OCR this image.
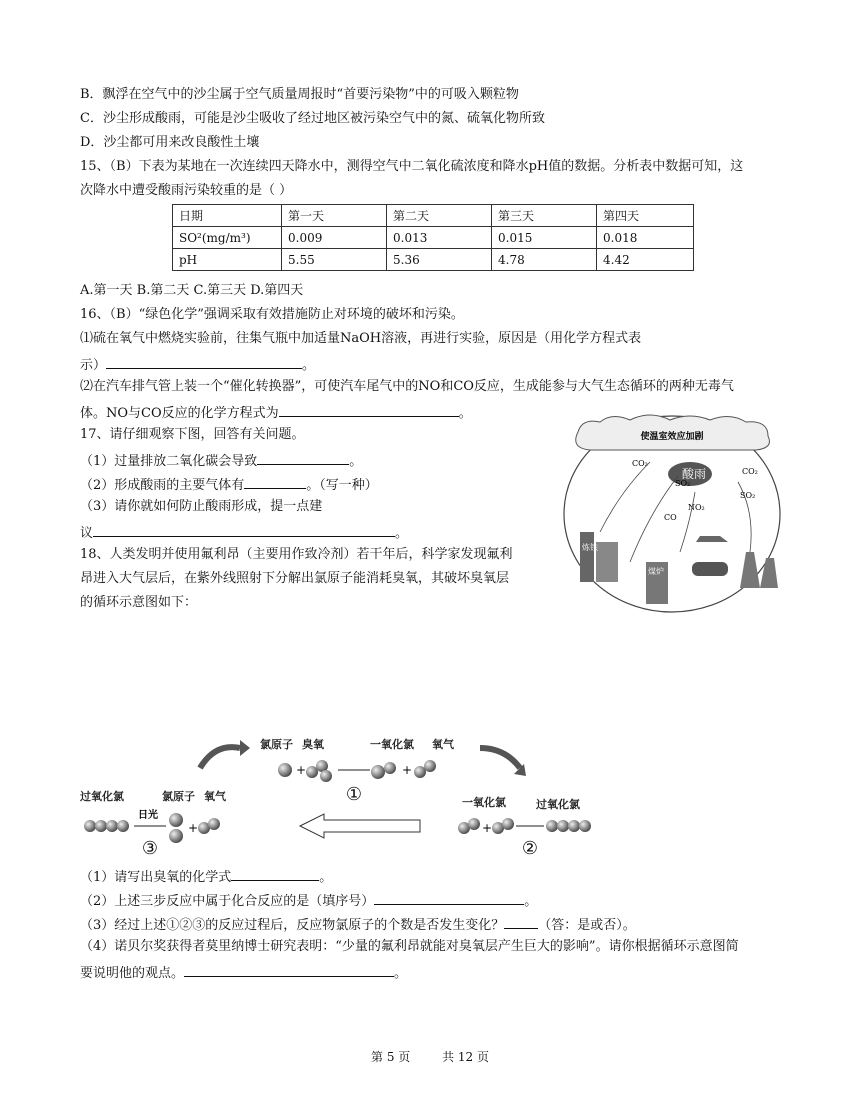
B．飘浮在空气中的沙尘属于空气质量周报时“首要污染物”中的可吸入颗粒物
C．沙尘形成酸雨，可能是沙尘吸收了经过地区被污染空气中的氮、硫氧化物所致
D．沙尘都可用来改良酸性土壤
15、（B）下表为某地在一次连续四天降水中，测得空气中二氧化硫浓度和降水pH值的数据。分析表中数据可知，这
次降水中遭受酸雨污染较重的是（ ）
日期	第一天	第二天	第三天	第四天
SO²(mg/m³)	0.009	0.013	0.015	0.018
pH	5.55	5.36	4.78	4.42
A.第一天 B.第二天 C.第三天 D.第四天
16、（B）“绿色化学”强调采取有效措施防止对环境的破坏和污染。
⑴硫在氧气中燃烧实验前，往集气瓶中加适量NaOH溶液，再进行实验，原因是（用化学方程式表
示）	。
⑵在汽车排气管上装一个“催化转换器”，可使汽车尾气中的NO和CO反应，生成能参与大气生态循环的两种无毒气
体。NO与CO反应的化学方程式为	。
17、请仔细观察下图，回答有关问题。
（1）过量排放二氧化碳会导致	。
（2）形成酸雨的主要气体有	。（写一种）
（3）请你就如何防止酸雨形成，提一点建
议	。
18、人类发明并使用氟利昂（主要用作致冷剂）若干年后，科学家发现氟利
昂进入大气层后，在紫外线照射下分解出氯原子能消耗臭氧，其破坏臭氧层
的循环示意图如下：
使温室效应加剧
酸雨
CO₂
CO₂
SO₂
SO₂
NO₂
CO
炼铁
煤炉
氯原子 臭氧	一氧化氯 氧气
+
①
+
过氧化氯	氯原子 氧气
日光
③
+
一氧化氯	过氧化氯
+
②
（1）请写出臭氧的化学式	。
（2）上述三步反应中属于化合反应的是（填序号）	。
（3）经过上述①②③的反应过程后，反应物氯原子的个数是否发生变化？	（答：是或否）。
（4）诺贝尔奖获得者莫里纳博士研究表明：“少量的氟利昂就能对臭氧层产生巨大的影响”。请你根据循环示意图简
要说明他的观点。	。
第 5 页	共 12 页
